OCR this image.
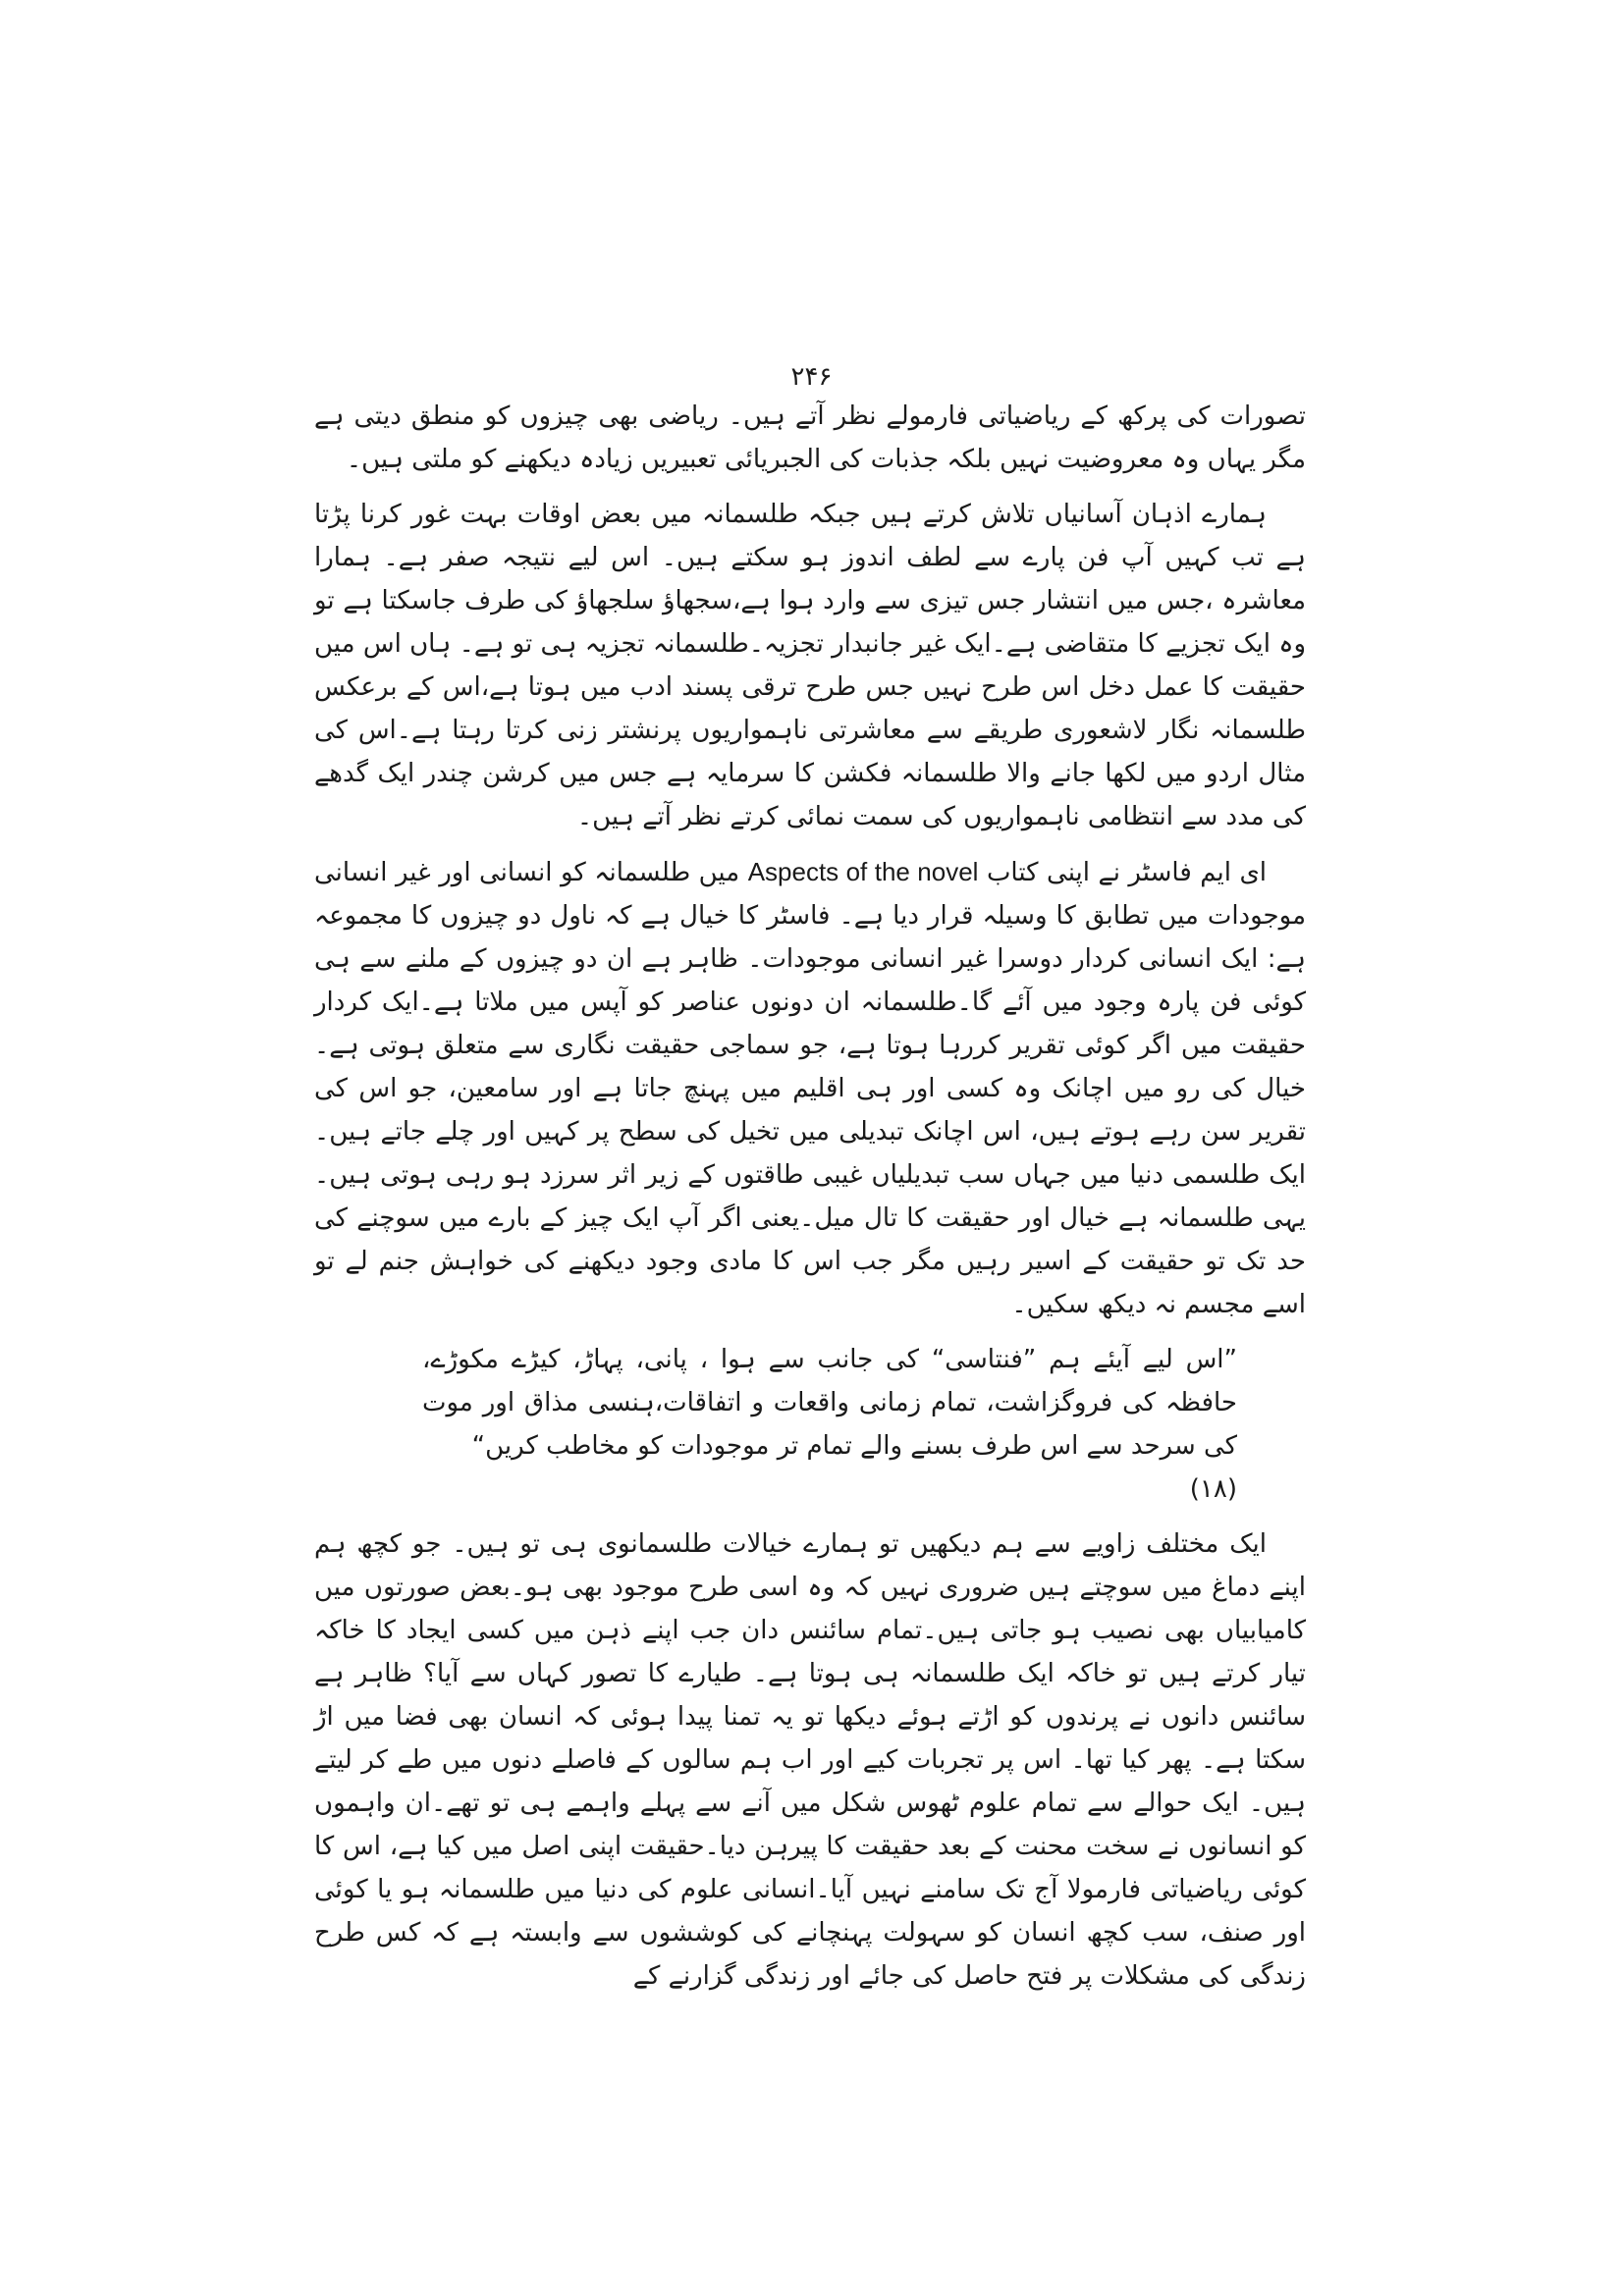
۲۴۶

تصورات کی پرکھ کے ریاضیاتی فارمولے نظر آتے ہیں۔ ریاضی بھی چیزوں کو منطق دیتی ہے مگر یہاں وہ معروضیت نہیں بلکہ جذبات کی الجبریائی تعبیریں زیادہ دیکھنے کو ملتی ہیں۔

ہمارے اذہان آسانیاں تلاش کرتے ہیں جبکہ طلسمانہ میں بعض اوقات بہت غور کرنا پڑتا ہے تب کہیں آپ فن پارے سے لطف اندوز ہو سکتے ہیں۔ اس لیے نتیجہ صفر ہے۔ ہمارا معاشرہ ،جس میں انتشار جس تیزی سے وارد ہوا ہے،سجھاؤ سلجھاؤ کی طرف جاسکتا ہے تو وہ ایک تجزیے کا متقاضی ہے۔ایک غیر جانبدار تجزیہ۔طلسمانہ تجزیہ ہی تو ہے۔ ہاں اس میں حقیقت کا عمل دخل اس طرح نہیں جس طرح ترقی پسند ادب میں ہوتا ہے،اس کے برعکس طلسمانہ نگار لاشعوری طریقے سے معاشرتی ناہمواریوں پرنشتر زنی کرتا رہتا ہے۔اس کی مثال اردو میں لکھا جانے والا طلسمانہ فکشن کا سرمایہ ہے جس میں کرشن چندر ایک گدھے کی مدد سے انتظامی ناہمواریوں کی سمت نمائی کرتے نظر آتے ہیں۔

ای ایم فاسٹر نے اپنی کتاب Aspects of the novel میں طلسمانہ کو انسانی اور غیر انسانی موجودات میں تطابق کا وسیلہ قرار دیا ہے۔ فاسٹر کا خیال ہے کہ ناول دو چیزوں کا مجموعہ ہے: ایک انسانی کردار دوسرا غیر انسانی موجودات۔ ظاہر ہے ان دو چیزوں کے ملنے سے ہی کوئی فن پارہ وجود میں آئے گا۔طلسمانہ ان دونوں عناصر کو آپس میں ملاتا ہے۔ایک کردار حقیقت میں اگر کوئی تقریر کررہا ہوتا ہے، جو سماجی حقیقت نگاری سے متعلق ہوتی ہے۔خیال کی رو میں اچانک وہ کسی اور ہی اقلیم میں پہنچ جاتا ہے اور سامعین، جو اس کی تقریر سن رہے ہوتے ہیں، اس اچانک تبدیلی میں تخیل کی سطح پر کہیں اور چلے جاتے ہیں۔ایک طلسمی دنیا میں جہاں سب تبدیلیاں غیبی طاقتوں کے زیر اثر سرزد ہو رہی ہوتی ہیں۔ یہی طلسمانہ ہے خیال اور حقیقت کا تال میل۔یعنی اگر آپ ایک چیز کے بارے میں سوچنے کی حد تک تو حقیقت کے اسیر رہیں مگر جب اس کا مادی وجود دیکھنے کی خواہش جنم لے تو اسے مجسم نہ دیکھ سکیں۔

”اس لیے آیئے ہم ”فنتاسی“ کی جانب سے ہوا ، پانی، پہاڑ، کیڑے مکوڑے، حافظہ کی فروگزاشت، تمام زمانی واقعات و اتفاقات،ہنسی مذاق اور موت کی سرحد سے اس طرف بسنے والے تمام تر موجودات کو مخاطب کریں“
(۱۸)

ایک مختلف زاویے سے ہم دیکھیں تو ہمارے خیالات طلسمانوی ہی تو ہیں۔ جو کچھ ہم اپنے دماغ میں سوچتے ہیں ضروری نہیں کہ وہ اسی طرح موجود بھی ہو۔بعض صورتوں میں کامیابیاں بھی نصیب ہو جاتی ہیں۔تمام سائنس دان جب اپنے ذہن میں کسی ایجاد کا خاکہ تیار کرتے ہیں تو خاکہ ایک طلسمانہ ہی ہوتا ہے۔ طیارے کا تصور کہاں سے آیا؟ ظاہر ہے سائنس دانوں نے پرندوں کو اڑتے ہوئے دیکھا تو یہ تمنا پیدا ہوئی کہ انسان بھی فضا میں اڑ سکتا ہے۔ پھر کیا تھا۔ اس پر تجربات کیے اور اب ہم سالوں کے فاصلے دنوں میں طے کر لیتے ہیں۔ ایک حوالے سے تمام علوم ٹھوس شکل میں آنے سے پہلے واہمے ہی تو تھے۔ان واہموں کو انسانوں نے سخت محنت کے بعد حقیقت کا پیرہن دیا۔حقیقت اپنی اصل میں کیا ہے، اس کا کوئی ریاضیاتی فارمولا آج تک سامنے نہیں آیا۔انسانی علوم کی دنیا میں طلسمانہ ہو یا کوئی اور صنف، سب کچھ انسان کو سہولت پہنچانے کی کوششوں سے وابستہ ہے کہ کس طرح زندگی کی مشکلات پر فتح حاصل کی جائے اور زندگی گزارنے کے
